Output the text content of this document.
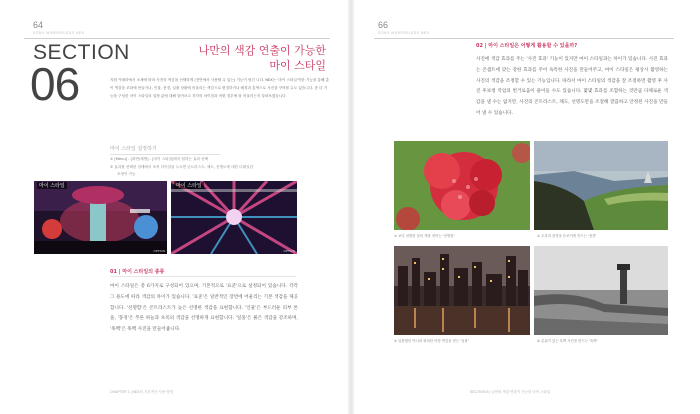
64
SONY MIRRORLESS NEX
SECTION
06
나만의 색감 연출이 가능한
마이 스타일

지원 카메라에서 소재에 따라 사진의 색감을 선택하게 (전반에서 사용할 수 있는) 기능이 담긴 니다. NEX는 '마이 스타일'이란 기능을 통해 총 이 색감을 조화에 만들거나, 인물, 풍경, 일출 상황에 어울리는 색감으로 변경하거나 배경과 통색으로 사진을 꾸며볼 수도 있습니다. 좀 더 기능을 구성한 마이 스타일의 설정 값에 대해 알아보고 각각의 차이점과 어떤 경우에 잘 어울리는지 살펴보겠습니다.

마이 스타일 설정하기
① [Menu] - [화면/재생] - [마이 스타일]에서 원하는 효과 선택
② 효과를 선택한 상태에서 조작 다이얼을 누르면 콘트라스트, 채도, 선명도에 대한 디테일한
조정이 가능
마이 스타일
OPTION
마이 스타일
OPTION
01 | 마이 스타일의 종류

마이 스타일은 총 6가지로 구성되어 있으며, 기본적으로 '표준'으로 설정되어 있습니다. 각각 그 용도에 따라 색감의 차이가 있습니다. '표준'은 일반적인 장면에 어울리는 기본 색감을 제공합니다. '선명함'은 콘트라스트가 높은 선명한 색감을 표현합니다. '인물'은 부드러운 피부 톤을, '풍경'은 푸른 하늘과 초록의 색감을 선명하게 표현합니다. '일몰'은 붉은 색감을 강조하며, '흑백'은 흑백 사진을 만들어줍니다.

CHAPTER 1 | NEX의 기본적인 사용 방법
66
SONY MIRRORLESS NEX
02 | 마이 스타일은 어떻게 활용할 수 있을까?

사진에 색감 효과를 주는 '사진 효과' 기능이 있지만 마이 스타일과는 차이가 있습니다. 사진 효과는 콘셉트에 맞는 강한 효과를 주어 독특한 사진을 만들어주고, 마이 스타일은 평상시 촬영하는 사진의 색감을 조정할 수 있는 기능입니다. 따라서 마이 스타일의 색감을 잘 조절하면 촬영 후 사진 후보정 작업의 번거로움이 줄어들 수도 있습니다. 몇몇 효과를 조합하는 것만큼 다채로운 색감을 낼 수는 없지만, 사진의 콘트라스트, 채도, 선명도만을 조절해 깔끔하고 안정된 사진을 만들어 낼 수 있습니다.

① 보다 선명한 꽃의 색을 얻어는 '선명함'	② 초록의 풍경을 돋보이게 만드는 '풍경'
③ 일몰했던 야니의 화려한 야경 색감을 얻는 '일몰'	④ 분위기 있는 흑백 사진을 만드는 '흑백'
SECTION 6 | 나만의 색감 연출이 가능한 마이 스타일
